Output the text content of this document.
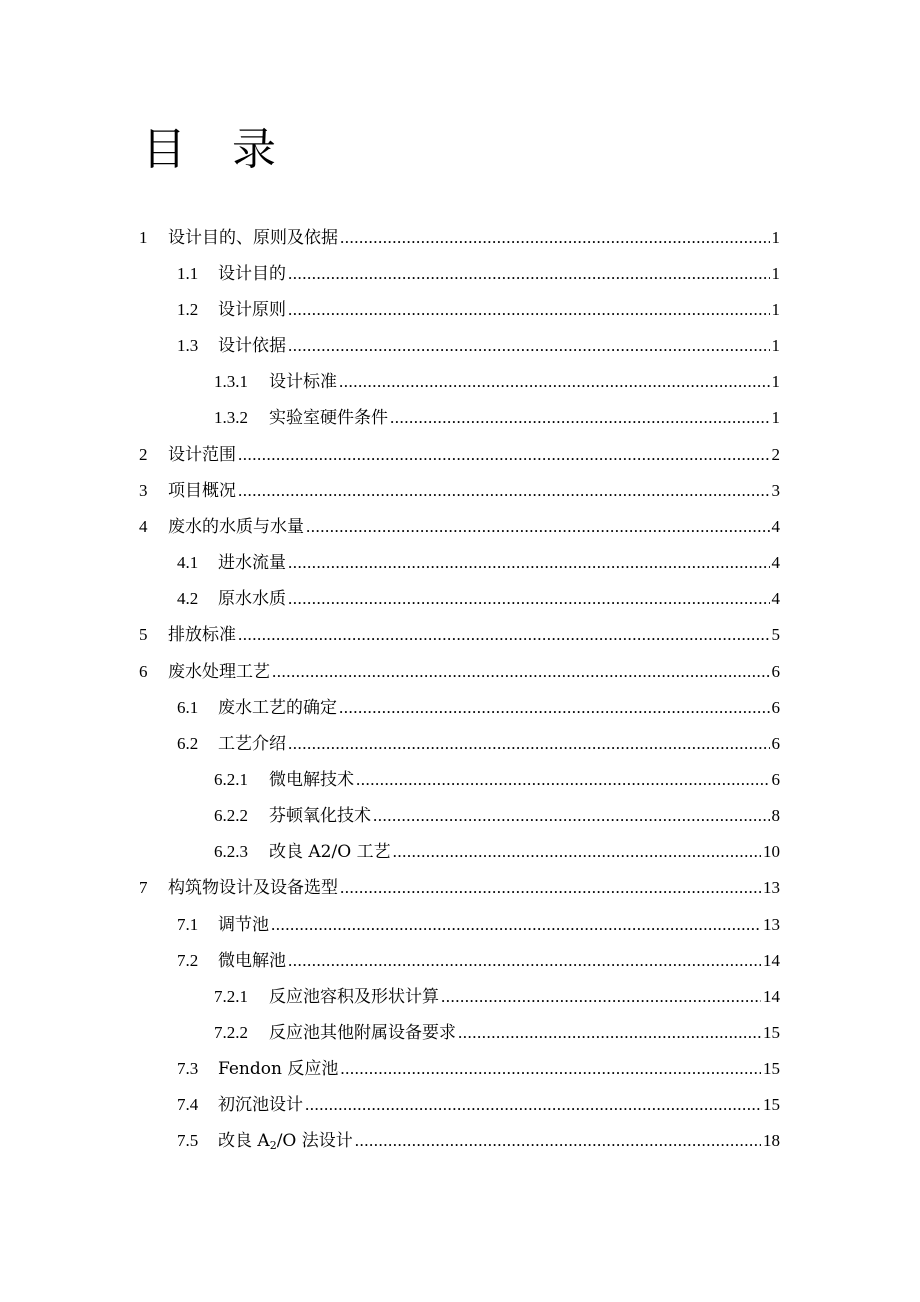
目 录
1	设计目的、原则及依据 .....	1
1.1	设计目的 .....	1
1.2	设计原则 .....	1
1.3	设计依据 .....	1
1.3.1	设计标准 .....	1
1.3.2	实验室硬件条件 .....	1
2	设计范围 .....	2
3	项目概况 .....	3
4	废水的水质与水量 .....	4
4.1	进水流量 .....	4
4.2	原水水质 .....	4
5	排放标准 .....	5
6	废水处理工艺 .....	6
6.1	废水工艺的确定 .....	6
6.2	工艺介绍 .....	6
6.2.1	微电解技术 .....	6
6.2.2	芬顿氧化技术 .....	8
6.2.3	改良 A2/O 工艺 .....	10
7	构筑物设计及设备选型 .....	13
7.1	调节池 .....	13
7.2	微电解池 .....	14
7.2.1	反应池容积及形状计算 .....	14
7.2.2	反应池其他附属设备要求 .....	15
7.3	Fendon 反应池 .....	15
7.4	初沉池设计 .....	15
7.5	改良 $A_2/O$ 法设计 .....	18
